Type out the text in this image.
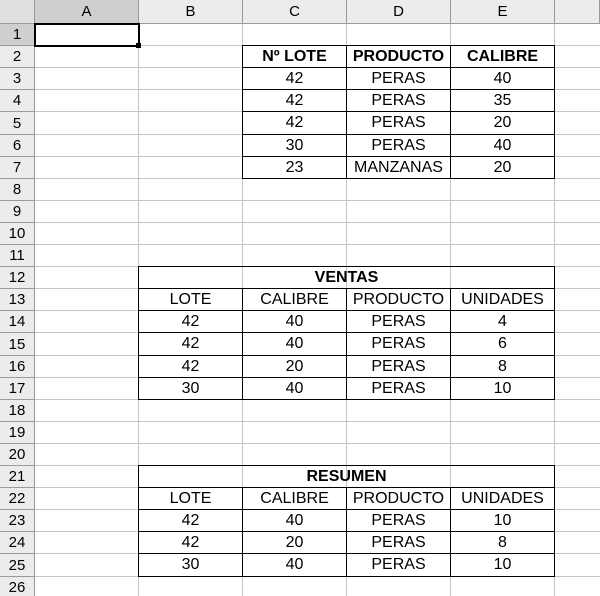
A	B	C	D	E
1
2
3
4
5
6
7
8
9
10
11
12
13
14
15
16
17
18
19
20
21
22
23
24
25
26
Nº LOTE	PRODUCTO	CALIBRE
42	PERAS	40
42	PERAS	35
42	PERAS	20
30	PERAS	40
23	MANZANAS	20
VENTAS
LOTE	CALIBRE	PRODUCTO	UNIDADES
42	40	PERAS	4
42	40	PERAS	6
42	20	PERAS	8
30	40	PERAS	10
RESUMEN
LOTE	CALIBRE	PRODUCTO	UNIDADES
42	40	PERAS	10
42	20	PERAS	8
30	40	PERAS	10
